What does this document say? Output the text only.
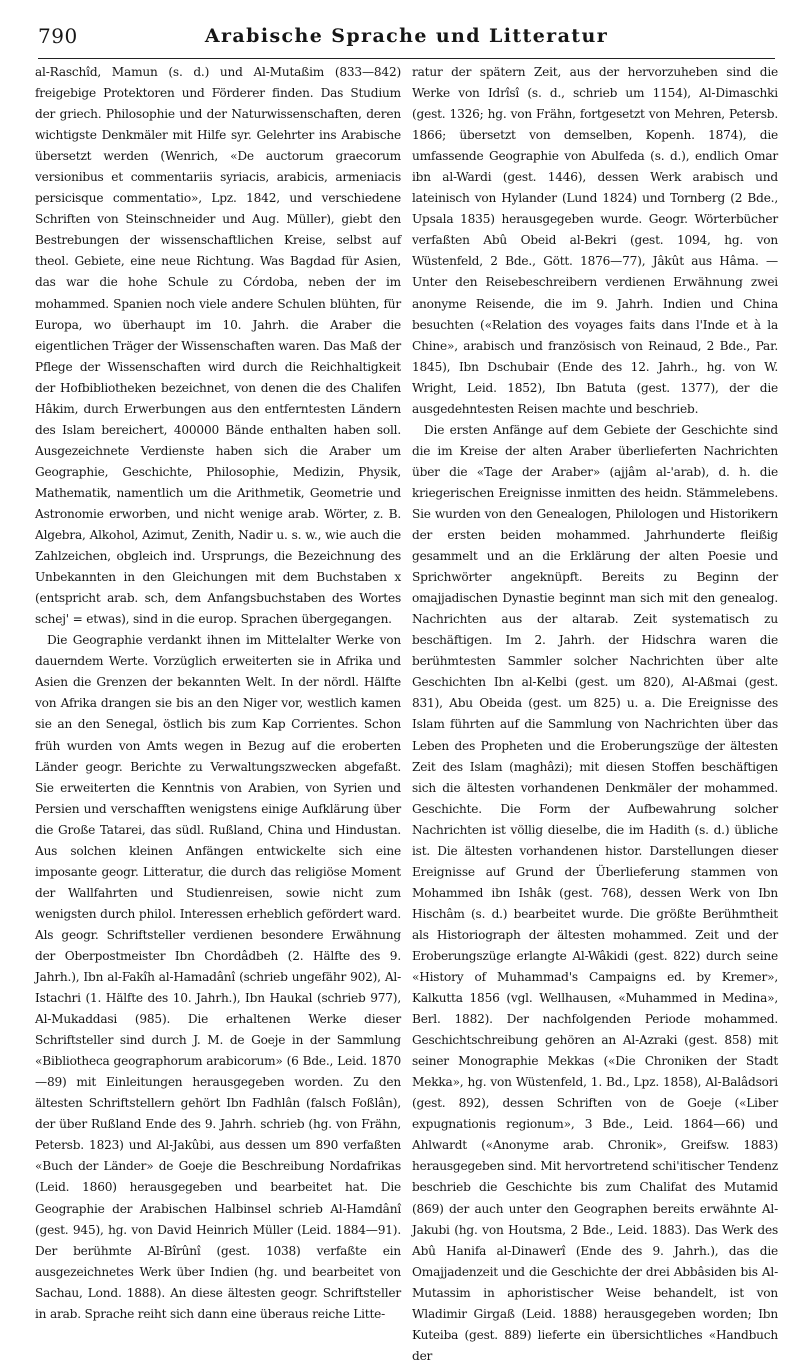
790	Arabische Sprache und Litteratur

al-Raschîd, Mamun (s. d.) und Al-Mutaßim (833—842) freigebige Protektoren und Förderer finden. Das Studium der griech. Philosophie und der Naturwissenschaften, deren wichtigste Denkmäler mit Hilfe syr. Gelehrter ins Arabische übersetzt werden (Wenrich, «De auctorum graecorum versionibus et commentariis syriacis, arabicis, armeniacis persicisque commentatio», Lpz. 1842, und verschiedene Schriften von Steinschneider und Aug. Müller), giebt den Bestrebungen der wissenschaftlichen Kreise, selbst auf theol. Gebiete, eine neue Richtung. Was Bagdad für Asien, das war die hohe Schule zu Córdoba, neben der im mohammed. Spanien noch viele andere Schulen blühten, für Europa, wo überhaupt im 10. Jahrh. die Araber die eigentlichen Träger der Wissenschaften waren. Das Maß der Pflege der Wissenschaften wird durch die Reichhaltigkeit der Hofbibliotheken bezeichnet, von denen die des Chalifen Hâkim, durch Erwerbungen aus den entferntesten Ländern des Islam bereichert, 400000 Bände enthalten haben soll. Ausgezeichnete Verdienste haben sich die Araber um Geographie, Geschichte, Philosophie, Medizin, Physik, Mathematik, namentlich um die Arithmetik, Geometrie und Astronomie erworben, und nicht wenige arab. Wörter, z. B. Algebra, Alkohol, Azimut, Zenith, Nadir u. s. w., wie auch die Zahlzeichen, obgleich ind. Ursprungs, die Bezeichnung des Unbekannten in den Gleichungen mit dem Buchstaben x (entspricht arab. sch, dem Anfangsbuchstaben des Wortes schej' = etwas), sind in die europ. Sprachen übergegangen.

Die Geographie verdankt ihnen im Mittelalter Werke von dauerndem Werte. Vorzüglich erweiterten sie in Afrika und Asien die Grenzen der bekannten Welt. In der nördl. Hälfte von Afrika drangen sie bis an den Niger vor, westlich kamen sie an den Senegal, östlich bis zum Kap Corrientes. Schon früh wurden von Amts wegen in Bezug auf die eroberten Länder geogr. Berichte zu Verwaltungszwecken abgefaßt. Sie erweiterten die Kenntnis von Arabien, von Syrien und Persien und verschafften wenigstens einige Aufklärung über die Große Tatarei, das südl. Rußland, China und Hindustan. Aus solchen kleinen Anfängen entwickelte sich eine imposante geogr. Litteratur, die durch das religiöse Moment der Wallfahrten und Studienreisen, sowie nicht zum wenigsten durch philol. Interessen erheblich gefördert ward. Als geogr. Schriftsteller verdienen besondere Erwähnung der Oberpostmeister Ibn Chordâdbeh (2. Hälfte des 9. Jahrh.), Ibn al-Fakîh al-Hamadânî (schrieb ungefähr 902), Al-Istachri (1. Hälfte des 10. Jahrh.), Ibn Haukal (schrieb 977), Al-Mukaddasi (985). Die erhaltenen Werke dieser Schriftsteller sind durch J. M. de Goeje in der Sammlung «Bibliotheca geographorum arabicorum» (6 Bde., Leid. 1870—89) mit Einleitungen herausgegeben worden. Zu den ältesten Schriftstellern gehört Ibn Fadhlân (falsch Foßlân), der über Rußland Ende des 9. Jahrh. schrieb (hg. von Frähn, Petersb. 1823) und Al-Jakûbi, aus dessen um 890 verfaßten «Buch der Länder» de Goeje die Beschreibung Nordafrikas (Leid. 1860) herausgegeben und bearbeitet hat. Die Geographie der Arabischen Halbinsel schrieb Al-Hamdânî (gest. 945), hg. von David Heinrich Müller (Leid. 1884—91). Der berühmte Al-Bîrûnî (gest. 1038) verfaßte ein ausgezeichnetes Werk über Indien (hg. und bearbeitet von Sachau, Lond. 1888). An diese ältesten geogr. Schriftsteller in arab. Sprache reiht sich dann eine überaus reiche Litte-

ratur der spätern Zeit, aus der hervorzuheben sind die Werke von Idrîsî (s. d., schrieb um 1154), Al-Dimaschki (gest. 1326; hg. von Frähn, fortgesetzt von Mehren, Petersb. 1866; übersetzt von demselben, Kopenh. 1874), die umfassende Geographie von Abulfeda (s. d.), endlich Omar ibn al-Wardi (gest. 1446), dessen Werk arabisch und lateinisch von Hylander (Lund 1824) und Tornberg (2 Bde., Upsala 1835) herausgegeben wurde. Geogr. Wörterbücher verfaßten Abû Obeid al-Bekri (gest. 1094, hg. von Wüstenfeld, 2 Bde., Gött. 1876—77), Jâkût aus Hâma. — Unter den Reisebeschreibern verdienen Erwähnung zwei anonyme Reisende, die im 9. Jahrh. Indien und China besuchten («Relation des voyages faits dans l'Inde et à la Chine», arabisch und französisch von Reinaud, 2 Bde., Par. 1845), Ibn Dschubair (Ende des 12. Jahrh., hg. von W. Wright, Leid. 1852), Ibn Batuta (gest. 1377), der die ausgedehntesten Reisen machte und beschrieb.

Die ersten Anfänge auf dem Gebiete der Geschichte sind die im Kreise der alten Araber überlieferten Nachrichten über die «Tage der Araber» (ajjâm al-'arab), d. h. die kriegerischen Ereignisse inmitten des heidn. Stämmelebens. Sie wurden von den Genealogen, Philologen und Historikern der ersten beiden mohammed. Jahrhunderte fleißig gesammelt und an die Erklärung der alten Poesie und Sprichwörter angeknüpft. Bereits zu Beginn der omajjadischen Dynastie beginnt man sich mit den genealog. Nachrichten aus der altarab. Zeit systematisch zu beschäftigen. Im 2. Jahrh. der Hidschra waren die berühmtesten Sammler solcher Nachrichten über alte Geschichten Ibn al-Kelbi (gest. um 820), Al-Aßmai (gest. 831), Abu Obeida (gest. um 825) u. a. Die Ereignisse des Islam führten auf die Sammlung von Nachrichten über das Leben des Propheten und die Eroberungszüge der ältesten Zeit des Islam (maghâzi); mit diesen Stoffen beschäftigen sich die ältesten vorhandenen Denkmäler der mohammed. Geschichte. Die Form der Aufbewahrung solcher Nachrichten ist völlig dieselbe, die im Hadith (s. d.) übliche ist. Die ältesten vorhandenen histor. Darstellungen dieser Ereignisse auf Grund der Überlieferung stammen von Mohammed ibn Ishâk (gest. 768), dessen Werk von Ibn Hischâm (s. d.) bearbeitet wurde. Die größte Berühmtheit als Historiograph der ältesten mohammed. Zeit und der Eroberungszüge erlangte Al-Wâkidi (gest. 822) durch seine «History of Muhammad's Campaigns ed. by Kremer», Kalkutta 1856 (vgl. Wellhausen, «Muhammed in Medina», Berl. 1882). Der nachfolgenden Periode mohammed. Geschichtschreibung gehören an Al-Azraki (gest. 858) mit seiner Monographie Mekkas («Die Chroniken der Stadt Mekka», hg. von Wüstenfeld, 1. Bd., Lpz. 1858), Al-Balâdsori (gest. 892), dessen Schriften von de Goeje («Liber expugnationis regionum», 3 Bde., Leid. 1864—66) und Ahlwardt («Anonyme arab. Chronik», Greifsw. 1883) herausgegeben sind. Mit hervortretend schi'itischer Tendenz beschrieb die Geschichte bis zum Chalifat des Mutamid (869) der auch unter den Geographen bereits erwähnte Al-Jakubi (hg. von Houtsma, 2 Bde., Leid. 1883). Das Werk des Abû Hanifa al-Dinawerî (Ende des 9. Jahrh.), das die Omajjadenzeit und die Geschichte der drei Abbâsiden bis Al-Mutassim in aphoristischer Weise behandelt, ist von Wladimir Girgaß (Leid. 1888) herausgegeben worden; Ibn Kuteiba (gest. 889) lieferte ein übersichtliches «Handbuch der
